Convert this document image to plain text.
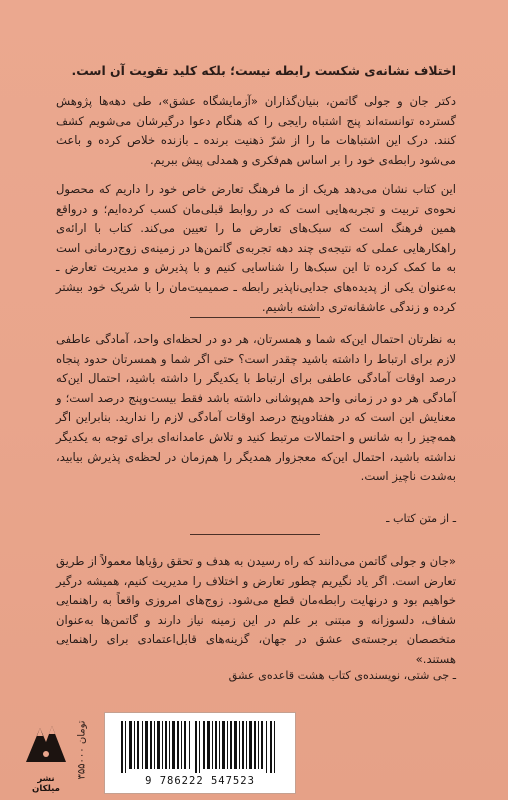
اختلاف نشانه‌ی شکست رابطه نیست؛ بلکه کلید تقویت آن است.
دکتر جان و جولی گاتمن، بنیان‌گذاران «آزمایشگاه عشق»، طی دهه‌ها پژوهش گسترده توانسته‌اند پنج اشتباه رایجی را که هنگام دعوا درگیرشان می‌شویم کشف کنند. درک این اشتباهات ما را از شرّ ذهنیت برنده ـ بازنده خلاص کرده و باعث می‌شود رابطه‌ی خود را بر اساس هم‌فکری و همدلی پیش ببریم.
این کتاب نشان می‌دهد هریک از ما فرهنگ تعارض خاص خود را داریم که محصول نحوه‌ی تربیت و تجربه‌هایی است که در روابط قبلی‌مان کسب کرده‌ایم؛ و درواقع همین فرهنگ است که سبک‌های تعارض ما را تعیین می‌کند. کتاب با ارائه‌ی راهکارهایی عملی که نتیجه‌ی چند دهه تجربه‌ی گاتمن‌ها در زمینه‌ی زوج‌درمانی است به ما کمک کرده تا این سبک‌ها را شناسایی کنیم و با پذیرش و مدیریت تعارض ـ به‌عنوان یکی از پدیده‌های جدایی‌ناپذیر رابطه ـ صمیمیت‌مان را با شریک خود بیشتر کرده و زندگی عاشقانه‌تری داشته باشیم.
به نظرتان احتمال این‌که شما و همسرتان، هر دو در لحظه‌ای واحد، آمادگی عاطفی لازم برای ارتباط را داشته باشید چقدر است؟ حتی اگر شما و همسرتان حدود پنجاه درصد اوقات آمادگی عاطفی برای ارتباط با یکدیگر را داشته باشید، احتمال این‌که آمادگی هر دو در زمانی واحد هم‌پوشانی داشته باشد فقط بیست‌وپنج درصد است؛ و معنایش این است که در هفتادوپنج درصد اوقات آمادگی لازم را ندارید. بنابراین اگر همه‌چیز را به شانس و احتمالات مرتبط کنید و تلاش عامدانه‌ای برای توجه به یکدیگر نداشته باشید، احتمال این‌که معجزوار همدیگر را هم‌زمان در لحظه‌ی پذیرش بیابید، به‌شدت ناچیز است.
ـ از متن کتاب ـ
«جان و جولی گاتمن می‌دانند که راه رسیدن به هدف و تحقق رؤیاها معمولاً از طریق تعارض است. اگر یاد نگیریم چطور تعارض و اختلاف را مدیریت کنیم، همیشه درگیر خواهیم بود و درنهایت رابطه‌مان قطع می‌شود. زوج‌های امروزی واقعاً به راهنمایی شفاف، دلسوزانه و مبتنی بر علم در این زمینه نیاز دارند و گاتمن‌ها به‌عنوان متخصصان برجسته‌ی عشق در جهان، گزینه‌های قابل‌اعتمادی برای راهنمایی هستند.»
ـ جی شتی، نویسنده‌ی کتاب هشت قاعده‌ی عشق
نشر میلکان
۳۵۵۰۰۰ تومان
9 786222 547523
